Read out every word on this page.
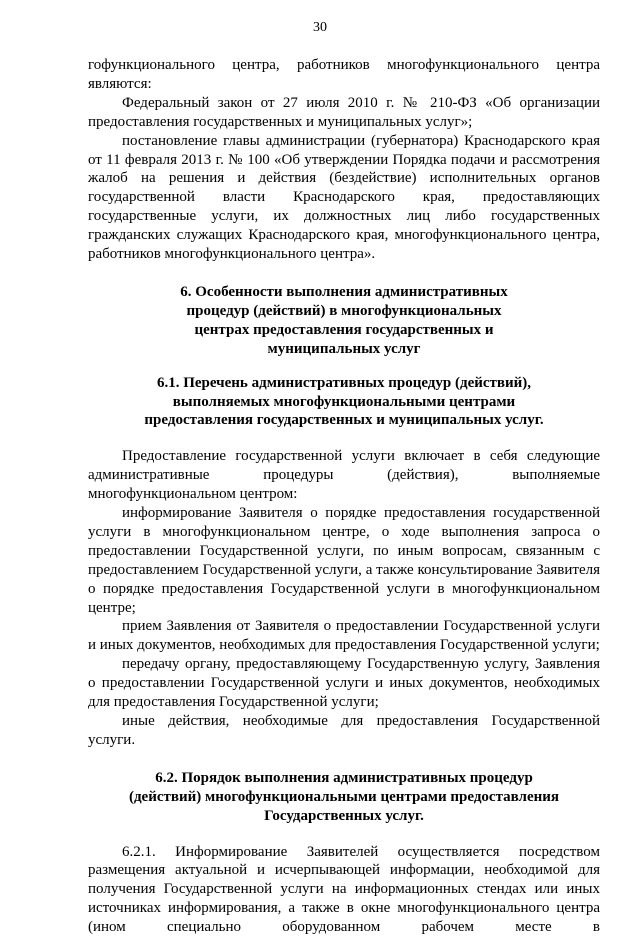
30

гофункционального центра, работников многофункционального центра являются:

Федеральный закон от 27 июля 2010 г. № 210-ФЗ «Об организации предоставления государственных и муниципальных услуг»;

постановление главы администрации (губернатора) Краснодарского края от 11 февраля 2013 г. № 100 «Об утверждении Порядка подачи и рассмотрения жалоб на решения и действия (бездействие) исполнительных органов государственной власти Краснодарского края, предоставляющих государственные услуги, их должностных лиц либо государственных гражданских служащих Краснодарского края, многофункционального центра, работников многофункционального центра».

6. Особенности выполнения административных процедур (действий) в многофункциональных центрах предоставления государственных и муниципальных услуг

6.1. Перечень административных процедур (действий), выполняемых многофункциональными центрами предоставления государственных и муниципальных услуг.

Предоставление государственной услуги включает в себя следующие административные процедуры (действия), выполняемые многофункциональном центром:

информирование Заявителя о порядке предоставления государственной услуги в многофункциональном центре, о ходе выполнения запроса о предоставлении Государственной услуги, по иным вопросам, связанным с предоставлением Государственной услуги, а также консультирование Заявителя о порядке предоставления Государственной услуги в многофункциональном центре;

прием Заявления от Заявителя о предоставлении Государственной услуги и иных документов, необходимых для предоставления Государственной услуги;

передачу органу, предоставляющему Государственную услугу, Заявления о предоставлении Государственной услуги и иных документов, необходимых для предоставления Государственной услуги;

иные действия, необходимые для предоставления Государственной услуги.

6.2. Порядок выполнения административных процедур (действий) многофункциональными центрами предоставления Государственных услуг.

6.2.1. Информирование Заявителей осуществляется посредством размещения актуальной и исчерпывающей информации, необходимой для получения Государственной услуги на информационных стендах или иных источниках информирования, а также в окне многофункционального центра (ином специально оборудованном рабочем месте в
